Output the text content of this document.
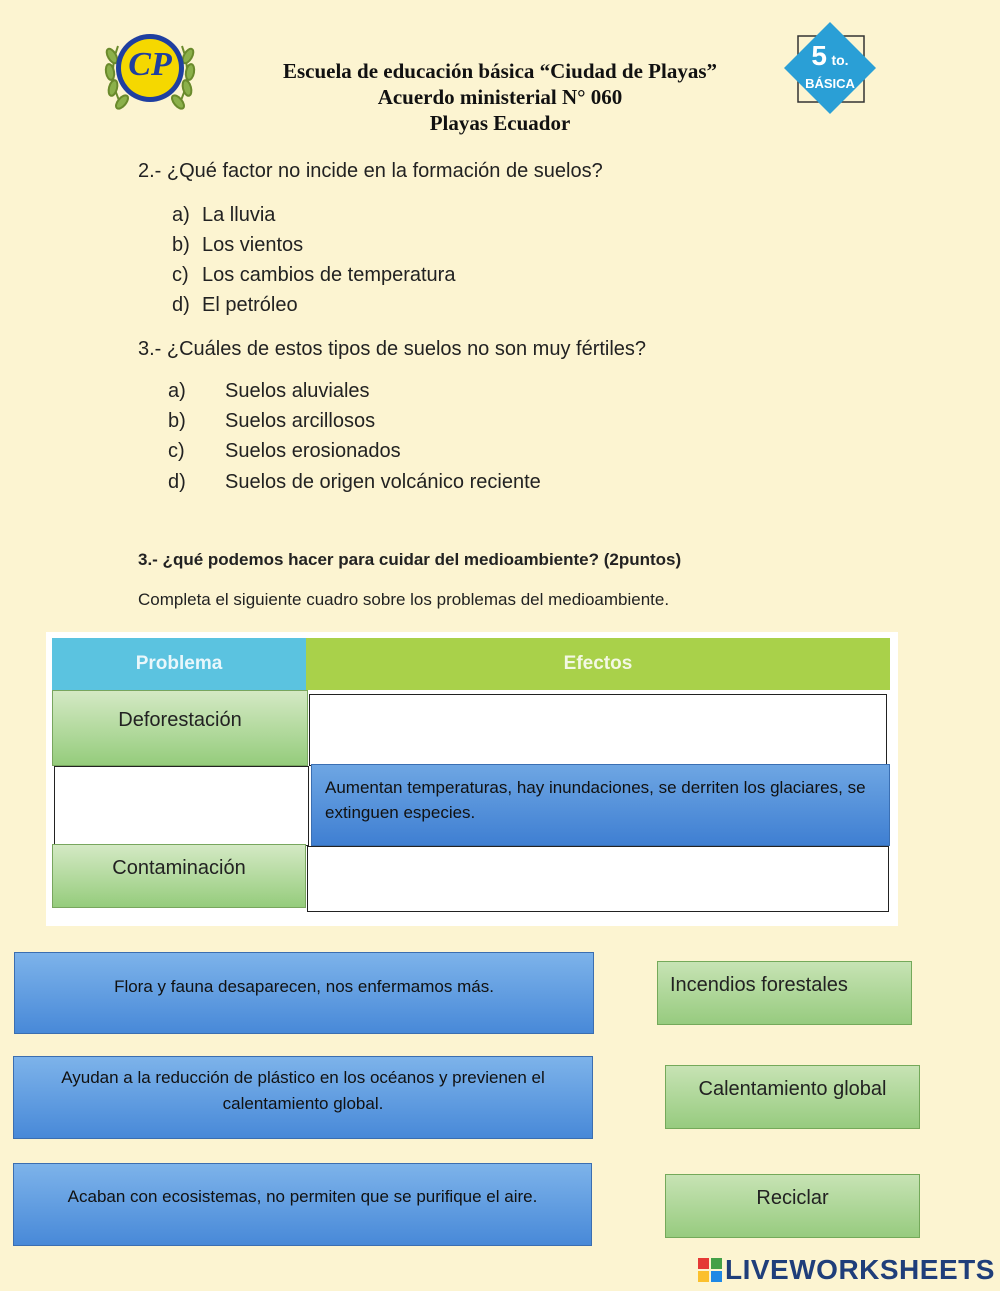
CP	Escuela de educación básica “Ciudad de Playas”
Acuerdo ministerial N° 060
Playas Ecuador
5 to.
BÁSICA
2.- ¿Qué factor no incide en la formación de suelos?
a) La lluvia
b) Los vientos
c) Los cambios de temperatura
d) El petróleo
3.- ¿Cuáles de estos tipos de suelos no son muy fértiles?
a) Suelos aluviales
b) Suelos arcillosos
c) Suelos erosionados
d) Suelos de origen volcánico reciente
3.- ¿qué podemos hacer para cuidar del medioambiente? (2puntos)
Completa el siguiente cuadro sobre los problemas del medioambiente.
Problema	Efectos
Deforestación
Aumentan temperaturas, hay inundaciones, se derriten los glaciares, se extinguen especies.
Contaminación
Flora y fauna desaparecen, nos enfermamos más.
Ayudan a la reducción de plástico en los océanos y previenen el calentamiento global.
Acaban con ecosistemas, no permiten que se purifique el aire.
Incendios forestales
Calentamiento global
Reciclar
LIVEWORKSHEETS
